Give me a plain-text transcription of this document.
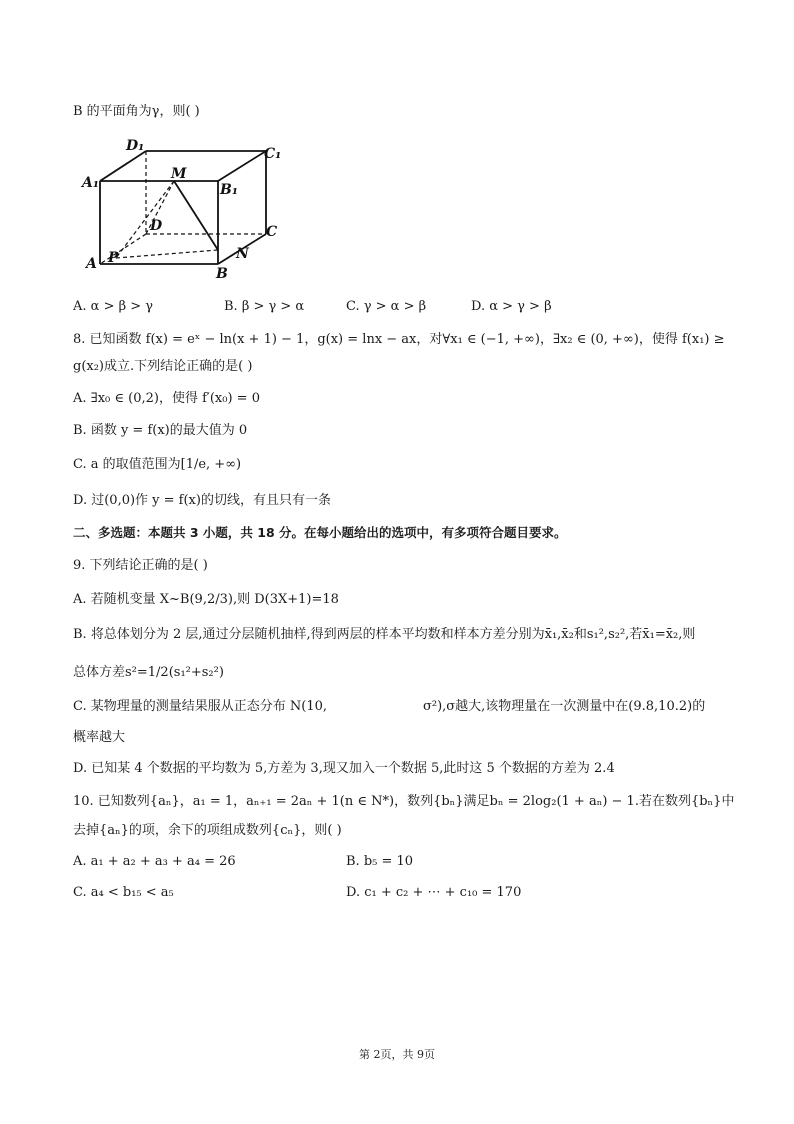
B 的平面角为γ，则( )
D₁	C₁
A₁
M
B₁
D	C
A P	N
B
A. α > β > γ	B. β > γ > α	C. γ > α > β	D. α > γ > β
8. 已知函数 f(x) = eˣ − ln(x + 1) − 1，g(x) = lnx − ax，对∀x₁ ∈ (−1, +∞)，∃x₂ ∈ (0, +∞)，使得 f(x₁) ≥
g(x₂)成立.下列结论正确的是( )
A. ∃x₀ ∈ (0,2)，使得 f′(x₀) = 0
B. 函数 y = f(x)的最大值为 0
C. a 的取值范围为[1/e, +∞)
D. 过(0,0)作 y = f(x)的切线，有且只有一条
二、多选题：本题共 3 小题，共 18 分。在每小题给出的选项中，有多项符合题目要求。
9. 下列结论正确的是( )
A. 若随机变量 X~B(9,2/3),则 D(3X+1)=18
B. 将总体划分为 2 层,通过分层随机抽样,得到两层的样本平均数和样本方差分别为x̄₁,x̄₂和s₁²,s₂²,若x̄₁=x̄₂,则
总体方差s²=1/2(s₁²+s₂²)
C. 某物理量的测量结果服从正态分布 N(10,	σ²),σ越大,该物理量在一次测量中在(9.8,10.2)的
概率越大
D. 已知某 4 个数据的平均数为 5,方差为 3,现又加入一个数据 5,此时这 5 个数据的方差为 2.4
10. 已知数列{aₙ}，a₁ = 1，aₙ₊₁ = 2aₙ + 1(n ∈ N*)，数列{bₙ}满足bₙ = 2log₂(1 + aₙ) − 1.若在数列{bₙ}中
去掉{aₙ}的项，余下的项组成数列{cₙ}，则( )
A. a₁ + a₂ + a₃ + a₄ = 26	B. b₅ = 10
C. a₄ < b₁₅ < a₅	D. c₁ + c₂ + ⋯ + c₁₀ = 170
第 2页，共 9页
